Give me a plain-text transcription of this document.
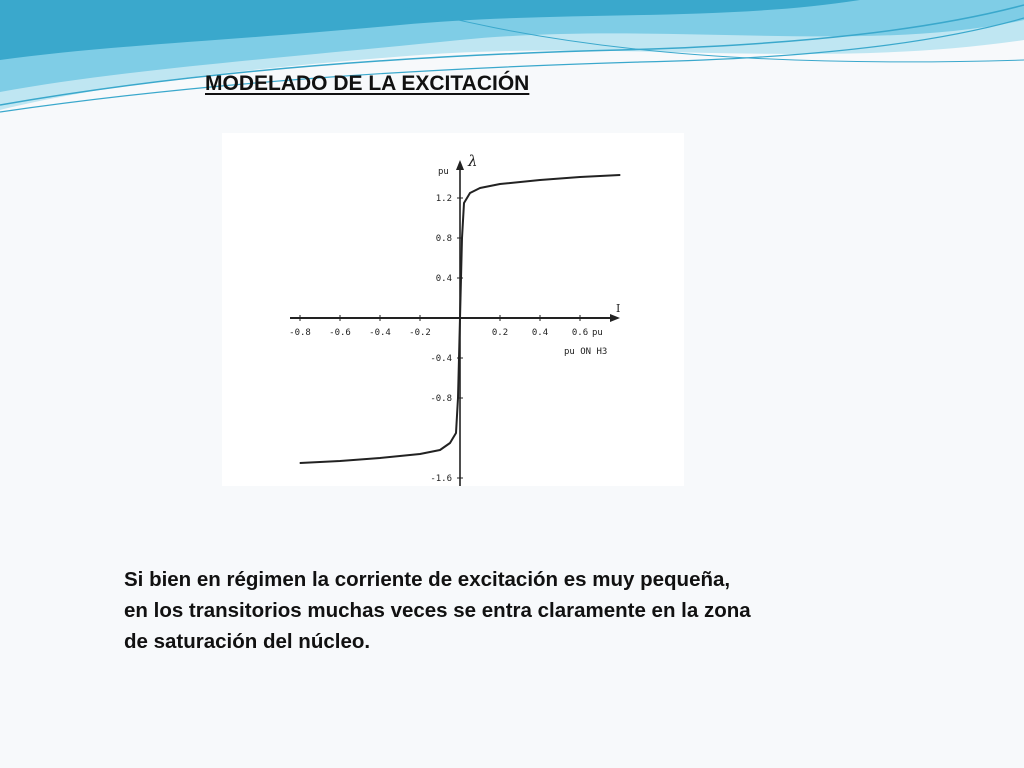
MODELADO DE LA EXCITACIÓN
-0.8 -0.6 -0.4 -0.2	0.2	0.4	0.6
1.2
0.8
0.4
-0.4
-0.8
-1.6
λ
pu
I
pu
pu ON H3
Si bien en régimen la corriente de excitación es muy pequeña,
en los transitorios muchas veces se entra claramente en la zona
de saturación del núcleo.
